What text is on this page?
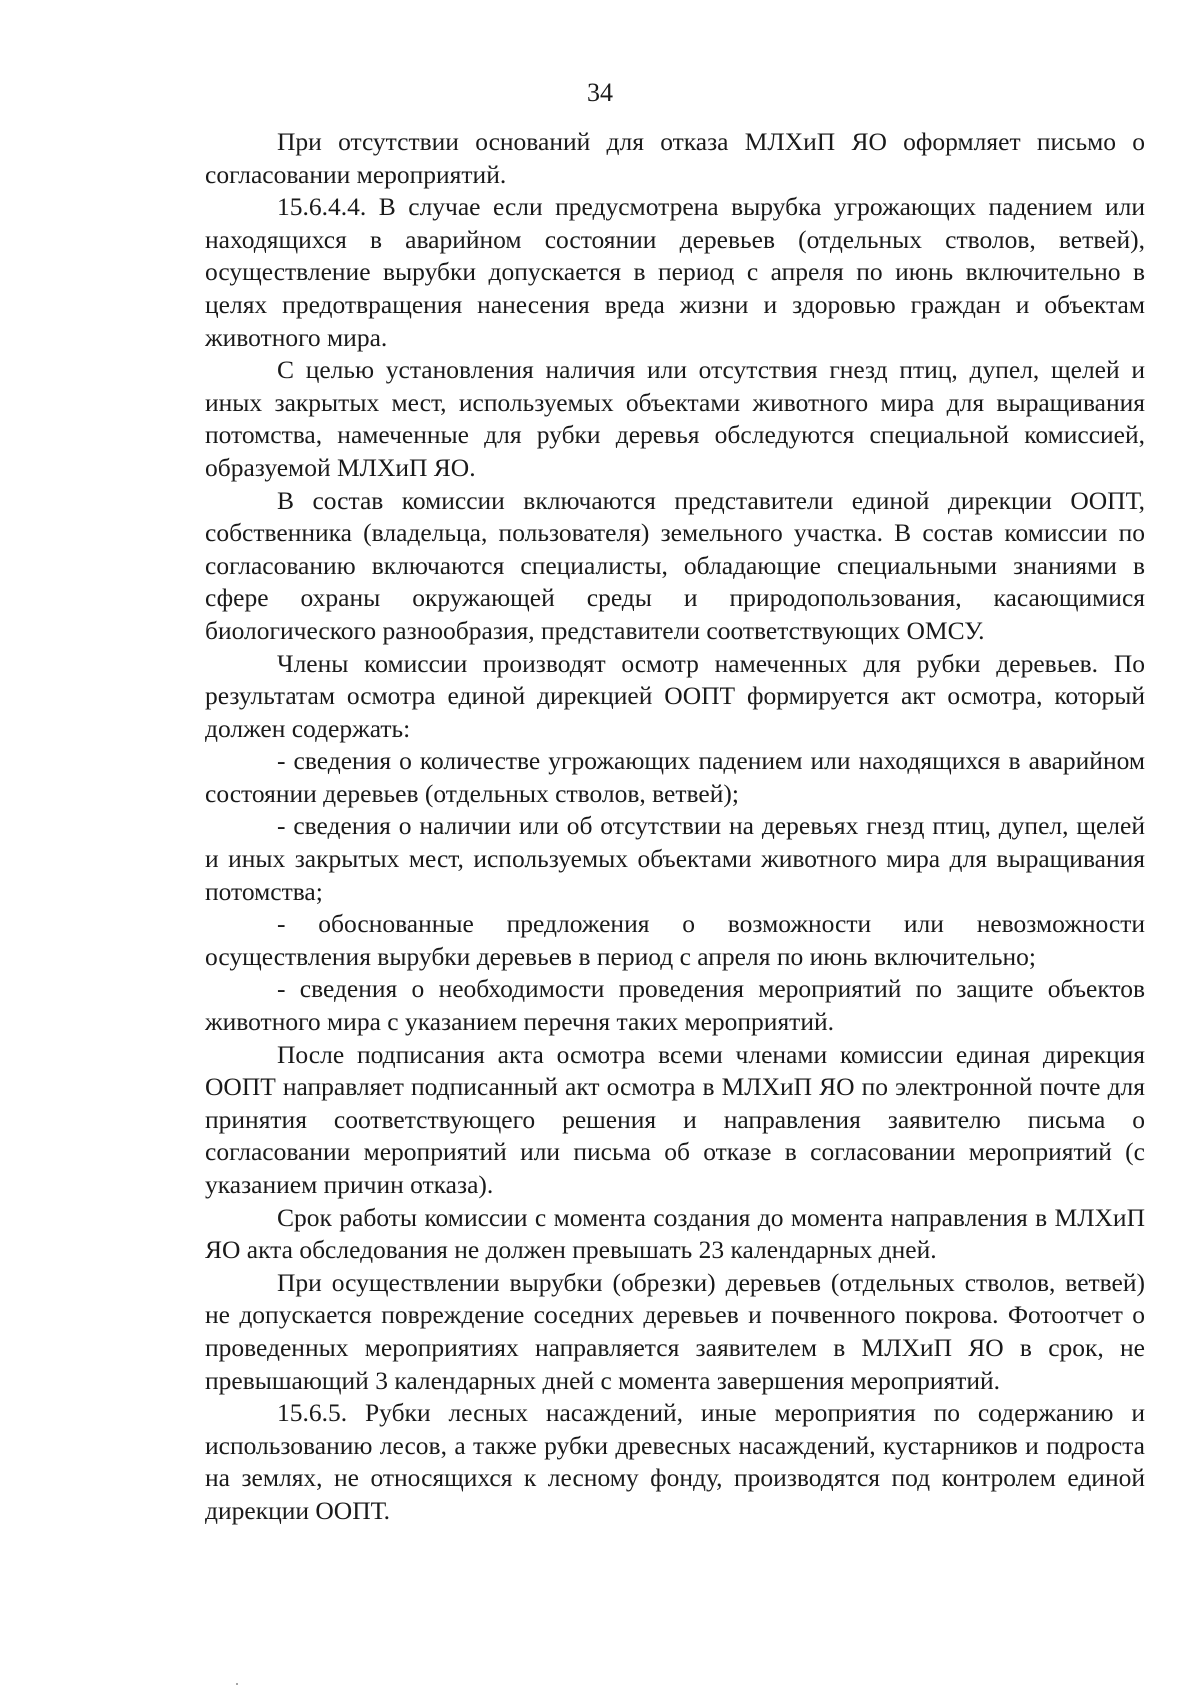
34

При отсутствии оснований для отказа МЛХиП ЯО оформляет письмо о согласовании мероприятий.

15.6.4.4. В случае если предусмотрена вырубка угрожающих падением или находящихся в аварийном состоянии деревьев (отдельных стволов, ветвей), осуществление вырубки допускается в период с апреля по июнь включительно в целях предотвращения нанесения вреда жизни и здоровью граждан и объектам животного мира.

С целью установления наличия или отсутствия гнезд птиц, дупел, щелей и иных закрытых мест, используемых объектами животного мира для выращивания потомства, намеченные для рубки деревья обследуются специальной комиссией, образуемой МЛХиП ЯО.

В состав комиссии включаются представители единой дирекции ООПТ, собственника (владельца, пользователя) земельного участка. В состав комиссии по согласованию включаются специалисты, обладающие специальными знаниями в сфере охраны окружающей среды и природопользования, касающимися биологического разнообразия, представители соответствующих ОМСУ.

Члены комиссии производят осмотр намеченных для рубки деревьев. По результатам осмотра единой дирекцией ООПТ формируется акт осмотра, который должен содержать:

- сведения о количестве угрожающих падением или находящихся в аварийном состоянии деревьев (отдельных стволов, ветвей);

- сведения о наличии или об отсутствии на деревьях гнезд птиц, дупел, щелей и иных закрытых мест, используемых объектами животного мира для выращивания потомства;

- обоснованные предложения о возможности или невозможности осуществления вырубки деревьев в период с апреля по июнь включительно;

- сведения о необходимости проведения мероприятий по защите объектов животного мира с указанием перечня таких мероприятий.

После подписания акта осмотра всеми членами комиссии единая дирекция ООПТ направляет подписанный акт осмотра в МЛХиП ЯО по электронной почте для принятия соответствующего решения и направления заявителю письма о согласовании мероприятий или письма об отказе в согласовании мероприятий (с указанием причин отказа).

Срок работы комиссии с момента создания до момента направления в МЛХиП ЯО акта обследования не должен превышать 23 календарных дней.

При осуществлении вырубки (обрезки) деревьев (отдельных стволов, ветвей) не допускается повреждение соседних деревьев и почвенного покрова. Фотоотчет о проведенных мероприятиях направляется заявителем в МЛХиП ЯО в срок, не превышающий 3 календарных дней с момента завершения мероприятий.

15.6.5. Рубки лесных насаждений, иные мероприятия по содержанию и использованию лесов, а также рубки древесных насаждений, кустарников и подроста на землях, не относящихся к лесному фонду, производятся под контролем единой дирекции ООПТ.
